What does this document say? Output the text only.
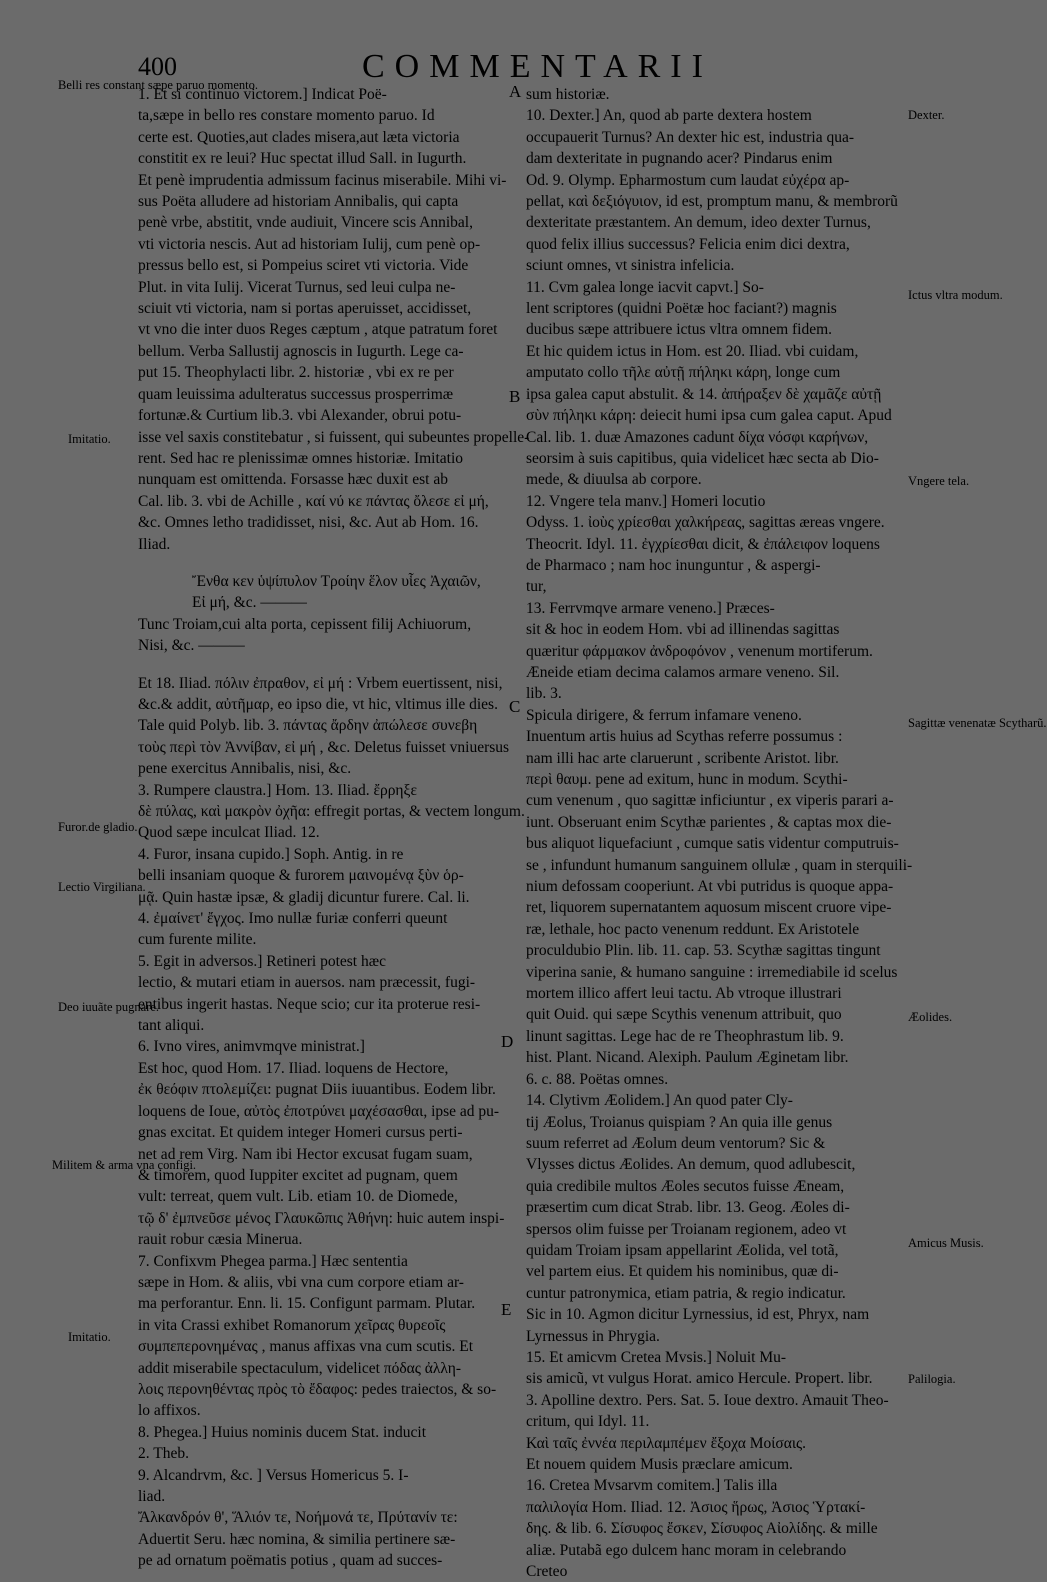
400	COMMENTARII
Belli res constant sæpe paruo momento.
Imitatio.
Furor.de gladio.
Lectio Virgiliana.
Deo iuuãte pugnare.
Militem & arma vna configi.
Imitatio.
Dexter.
Ictus vltra modum.
Vngere tela.
Sagittæ venenatæ Scytharũ.
Æolides.
Amicus Musis.
Palilogia.
A
B
C
D
E

1. Et si continuo victorem.] Indicat Poë-

ta,sæpe in bello res constare momento paruo. Id

certe est. Quoties,aut clades misera,aut læta victoria

constitit ex re leui? Huc spectat illud Sall. in Iugurth.

Et penè imprudentia admissum facinus miserabile. Mihi vi-

sus Poëta alludere ad historiam Annibalis, qui capta

penè vrbe, abstitit, vnde audiuit, Vincere scis Annibal,

vti victoria nescis. Aut ad historiam Iulij, cum penè op-

pressus bello est, si Pompeius sciret vti victoria. Vide

Plut. in vita Iulij. Vicerat Turnus, sed leui culpa ne-

sciuit vti victoria, nam si portas aperuisset, accidisset,

vt vno die inter duos Reges cæptum , atque patratum foret

bellum. Verba Sallustij agnoscis in Iugurth. Lege ca-

put 15. Theophylacti libr. 2. historiæ , vbi ex re per

quam leuissima adulteratus successus prosperrimæ

fortunæ.& Curtium lib.3. vbi Alexander, obrui potu-

isse vel saxis constitebatur , si fuissent, qui subeuntes propelle-

rent. Sed hac re plenissimæ omnes historiæ. Imitatio

nunquam est omittenda. Forsasse hæc duxit est ab

Cal. lib. 3. vbi de Achille , καί νύ κε πάντας ὄλεσε εἰ μή,

&c. Omnes letho tradidisset, nisi, &c. Aut ab Hom. 16.

Iliad.

Ἔνθα κεν ὑψίπυλον Τροίην ἕλον υἷες Ἀχαιῶν,

Εἰ μή, &c. ———

Tunc Troiam,cui alta porta, cepissent filij Achiuorum,

Nisi, &c. ———

Et 18. Iliad. πόλιν ἐπραθον, εἰ μή : Vrbem euertissent, nisi,

&c.& addit, αὐτῆμαρ, eo ipso die, vt hic, vltimus ille dies.

Tale quid Polyb. lib. 3. πάντας ἄρδην ἀπώλεσε συνεβη

τοὺς περὶ τὸν Ἀννίβαν, εἰ μή , &c. Deletus fuisset vniuersus

pene exercitus Annibalis, nisi, &c.

3. Rumpere claustra.] Hom. 13. Iliad. ἔρρηξε

δὲ πύλας, καὶ μακρὸν ὀχῆα: effregit portas, & vectem longum.

Quod sæpe inculcat Iliad. 12.

4. Furor, insana cupido.] Soph. Antig. in re

belli insaniam quoque & furorem μαινομένᾳ ξὺν ὁρ-

μᾷ. Quin hastæ ipsæ, & gladij dicuntur furere. Cal. li.

4. ἐμαίνετ' ἔγχος. Imo nullæ furiæ conferri queunt

cum furente milite.

5. Egit in adversos.] Retineri potest hæc

lectio, & mutari etiam in auersos. nam præcessit, fugi-

entibus ingerit hastas. Neque scio; cur ita proterue resi-

tant aliqui.

6. Ivno vires, animvmqve ministrat.]

Est hoc, quod Hom. 17. Iliad. loquens de Hectore,

ἐκ θεόφιν πτολεμίζει: pugnat Diis iuuantibus. Eodem libr.

loquens de Ioue, αὐτὸς ἐποτρύνει μαχέσασθαι, ipse ad pu-

gnas excitat. Et quidem integer Homeri cursus perti-

net ad rem Virg. Nam ibi Hector excusat fugam suam,

& timorem, quod Iuppiter excitet ad pugnam, quem

vult: terreat, quem vult. Lib. etiam 10. de Diomede,

τῷ δ' ἐμπνεῦσε μένος Γλαυκῶπις Ἀθήνη: huic autem inspi-

rauit robur cæsia Minerua.

7. Confixvm Phegea parma.] Hæc sententia

sæpe in Hom. & aliis, vbi vna cum corpore etiam ar-

ma perforantur. Enn. li. 15. Configunt parmam. Plutar.

in vita Crassi exhibet Romanorum χεῖρας θυρεοῖς

συμπεπερονημένας , manus affixas vna cum scutis. Et

addit miserabile spectaculum, videlicet πόδας ἀλλη-

λοις περονηθέντας πρὸς τὸ ἔδαφος: pedes traiectos, & so-

lo affixos.

8. Phegea.] Huius nominis ducem Stat. inducit

2. Theb.

9. Alcandrvm, &c. ] Versus Homericus 5. I-

liad.

Ἄλκανδρόν θ', Ἅλιόν τε, Νοήμονά τε, Πρύτανίν τε:

Aduertit Seru. hæc nomina, & similia pertinere sæ-

pe ad ornatum poëmatis potius , quam ad succes-

sum historiæ.

10. Dexter.] An, quod ab parte dextera hostem

occupauerit Turnus? An dexter hic est, industria qua-

dam dexteritate in pugnando acer? Pindarus enim

Od. 9. Olymp. Epharmostum cum laudat εὐχέρα ap-

pellat, καὶ δεξιόγυιον, id est, promptum manu, & membrorũ

dexteritate præstantem. An demum, ideo dexter Turnus,

quod felix illius successus? Felicia enim dici dextra,

sciunt omnes, vt sinistra infelicia.

11. Cvm galea longe iacvit capvt.] So-

lent scriptores (quidni Poëtæ hoc faciant?) magnis

ducibus sæpe attribuere ictus vltra omnem fidem.

Et hic quidem ictus in Hom. est 20. Iliad. vbi cuidam,

amputato collo τῆλε αὐτῇ πήληκι κάρη, longe cum

ipsa galea caput abstulit. & 14. ἀπήραξεν δὲ χαμᾶζε αὐτῇ

σὺν πήληκι κάρη: deiecit humi ipsa cum galea caput. Apud

Cal. lib. 1. duæ Amazones cadunt δίχα νόσφι καρήνων,

seorsim à suis capitibus, quia videlicet hæc secta ab Dio-

mede, & diuulsa ab corpore.

12. Vngere tela manv.] Homeri locutio

Odyss. 1. ἰοὺς χρίεσθαι χαλκήρεας, sagittas æreas vngere.

Theocrit. Idyl. 11. ἐγχρίεσθαι dicit, & ἐπάλειφον loquens

de Pharmaco ; nam hoc inunguntur , & aspergi-

tur,

13. Ferrvmqve armare veneno.] Præces-

sit & hoc in eodem Hom. vbi ad illinendas sagittas

quæritur φάρμακον ἀνδροφόνον , venenum mortiferum.

Æneide etiam decima calamos armare veneno. Sil.

lib. 3.

Spicula dirigere, & ferrum infamare veneno.

Inuentum artis huius ad Scythas referre possumus :

nam illi hac arte claruerunt , scribente Aristot. libr.

περὶ θαυμ. pene ad exitum, hunc in modum. Scythi-

cum venenum , quo sagittæ inficiuntur , ex viperis parari a-

iunt. Obseruant enim Scythæ parientes , & captas mox die-

bus aliquot liquefaciunt , cumque satis videntur computruis-

se , infundunt humanum sanguinem ollulæ , quam in sterquili-

nium defossam cooperiunt. At vbi putridus is quoque appa-

ret, liquorem supernatantem aquosum miscent cruore vipe-

ræ, lethale, hoc pacto venenum reddunt. Ex Aristotele

proculdubio Plin. lib. 11. cap. 53. Scythæ sagittas tingunt

viperina sanie, & humano sanguine : irremediabile id scelus

mortem illico affert leui tactu. Ab vtroque illustrari

quit Ouid. qui sæpe Scythis venenum attribuit, quo

linunt sagittas. Lege hac de re Theophrastum lib. 9.

hist. Plant. Nicand. Alexiph. Paulum Æginetam libr.

6. c. 88. Poëtas omnes.

14. Clytivm Æolidem.] An quod pater Cly-

tij Æolus, Troianus quispiam ? An quia ille genus

suum referret ad Æolum deum ventorum? Sic &

Vlysses dictus Æolides. An demum, quod adlubescit,

quia credibile multos Æoles secutos fuisse Æneam,

præsertim cum dicat Strab. libr. 13. Geog. Æoles di-

spersos olim fuisse per Troianam regionem, adeo vt

quidam Troiam ipsam appellarint Æolida, vel totã,

vel partem eius. Et quidem his nominibus, quæ di-

cuntur patronymica, etiam patria, & regio indicatur.

Sic in 10. Agmon dicitur Lyrnessius, id est, Phryx, nam

Lyrnessus in Phrygia.

15. Et amicvm Cretea Mvsis.] Noluit Mu-

sis amicũ, vt vulgus Horat. amico Hercule. Propert. libr.

3. Apolline dextro. Pers. Sat. 5. Ioue dextro. Amauit Theo-

critum, qui Idyl. 11.

Καὶ ταῖς ἐννέα περιλαμπέμεν ἔξοχα Μοίσαις.

Et nouem quidem Musis præclare amicum.

16. Cretea Mvsarvm comitem.] Talis illa

παλιλογία Hom. Iliad. 12. Ἀσιος ἥρως, Ἀσιος Ὑρτακί-

δης. & lib. 6. Σίσυφος ἔσκεν, Σίσυφος Αἰολίδης. & mille

aliæ. Putabã ego dulcem hanc moram in celebrando

Creteo
